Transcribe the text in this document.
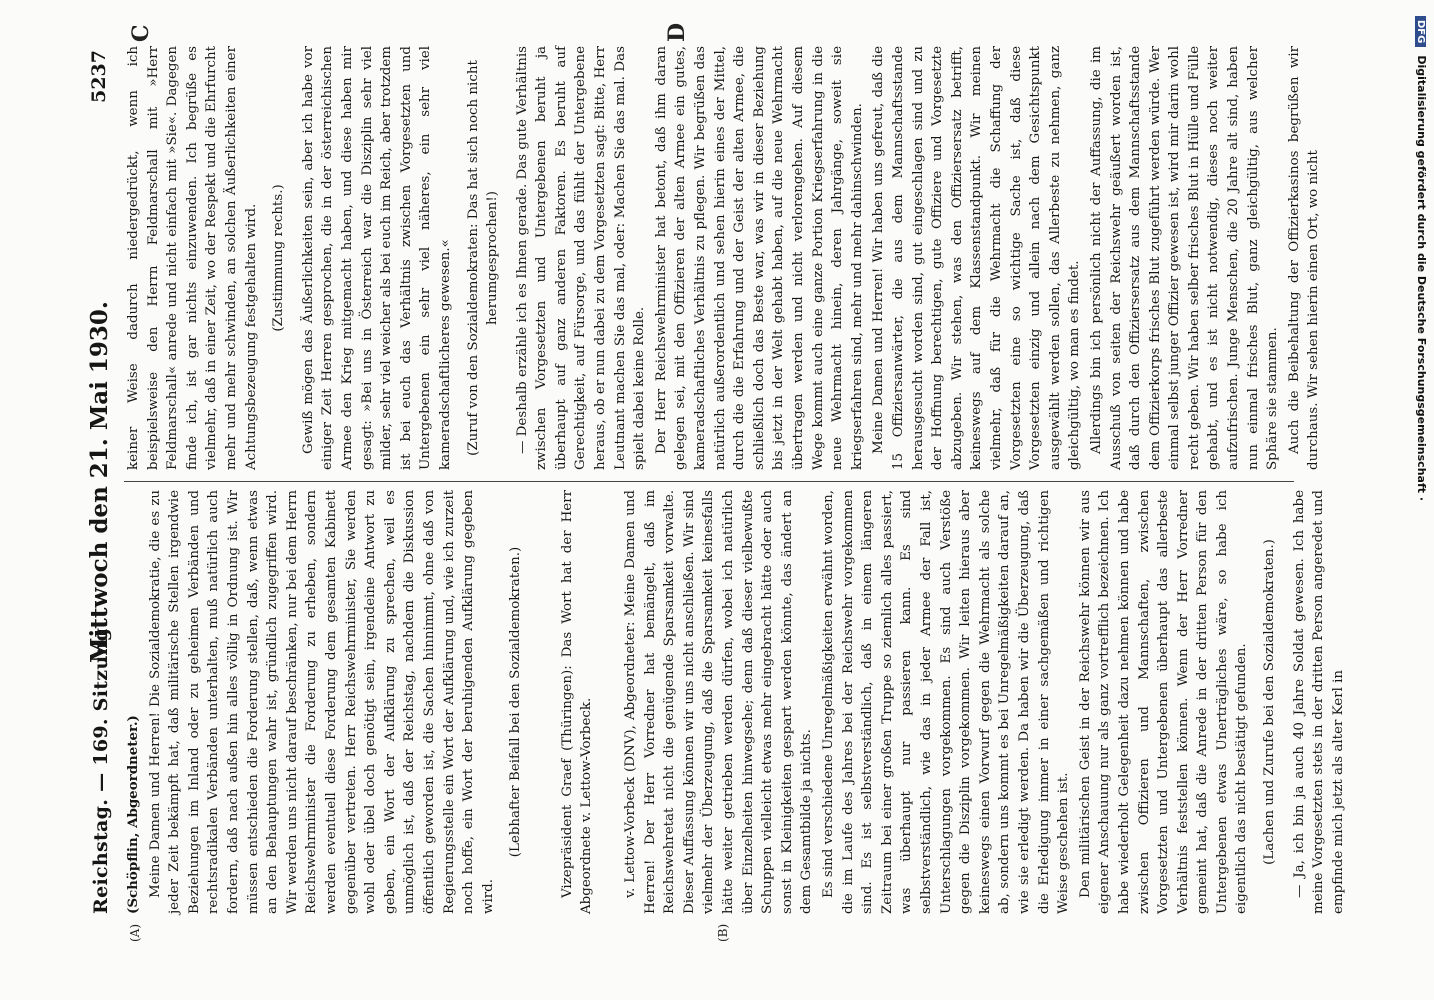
Reichstag. — 169. Sitzung.
Mittwoch den 21. Mai 1930.
5237
(A)	(B)
C	D

(Schöpflin, Abgeordneter.) Meine Damen und Herren! Die Sozialdemokratie, die es zu jeder Zeit bekämpft hat, daß militärische Stellen irgendwie Beziehungen im Inland oder zu geheimen Verbänden und rechtsradikalen Verbänden unterhalten, muß natürlich auch fordern, daß nach außen hin alles völlig in Ordnung ist. Wir müssen entschieden die Forderung stellen, daß, wenn etwas an den Behauptungen wahr ist, gründlich zugegriffen wird. Wir werden uns nicht darauf beschränken, nur bei dem Herrn Reichswehrminister die Forderung zu erheben, sondern werden eventuell diese Forderung dem gesamten Kabinett gegenüber vertreten. Herr Reichswehrminister, Sie werden wohl oder übel doch genötigt sein, irgendeine Antwort zu geben, ein Wort der Aufklärung zu sprechen, weil es unmöglich ist, daß der Reichstag, nachdem die Diskussion öffentlich geworden ist, die Sachen hinnimmt, ohne daß von Regierungsstelle ein Wort der Aufklärung und, wie ich zurzeit noch hoffe, ein Wort der beruhigenden Aufklärung gegeben wird.

(Lebhafter Beifall bei den Sozialdemokraten.)	Vizepräsident Graef (Thüringen): Das Wort hat der Herr Abgeordnete v. Lettow-Vorbeck. v. Lettow-Vorbeck (DNV), Abgeordneter: Meine Damen und Herren! Der Herr Vorredner hat bemängelt, daß im Reichswehretat nicht die genügende Sparsamkeit vorwalte. Dieser Auffassung können wir uns nicht anschließen. Wir sind vielmehr der Überzeugung, daß die Sparsamkeit keinesfalls hätte weiter getrieben werden dürfen, wobei ich natürlich über Einzelheiten hinwegsehe; denn daß dieser vielbewußte Schuppen vielleicht etwas mehr eingebracht hätte oder auch sonst in Kleinigkeiten gespart werden könnte, das ändert an dem Gesamtbilde ja nichts. Es sind verschiedene Unregelmäßigkeiten erwähnt worden, die im Laufe des Jahres bei der Reichswehr vorgekommen sind. Es ist selbstverständlich, daß in einem längeren Zeitraum bei einer großen Truppe so ziemlich alles passiert, was überhaupt nur passieren kann. Es sind selbstverständlich, wie das in jeder Armee der Fall ist, Unterschlagungen vorgekommen. Es sind auch Verstöße gegen die Disziplin vorgekommen. Wir leiten hieraus aber keineswegs einen Vorwurf gegen die Wehrmacht als solche ab, sondern uns kommt es bei Unregelmäßigkeiten darauf an, wie sie erledigt werden. Da haben wir die Überzeugung, daß die Erledigung immer in einer sachgemäßen und richtigen Weise geschehen ist. Den militärischen Geist in der Reichswehr können wir aus eigener Anschauung nur als ganz vortrefflich bezeichnen. Ich habe wiederholt Gelegenheit dazu nehmen können und habe zwischen Offizieren und Mannschaften, zwischen Vorgesetzten und Untergebenen überhaupt das allerbeste Verhältnis feststellen können. Wenn der Herr Vorredner gemeint hat, daß die Anrede in der dritten Person für den Untergebenen etwas Unerträgliches wäre, so habe ich eigentlich das nicht bestätigt gefunden. (Lachen und Zurufe bei den Sozialdemokraten.) — Ja, ich bin ja auch 40 Jahre Soldat gewesen. Ich habe meine Vorgesetzten stets in der dritten Person angeredet und empfinde mich jetzt als alter Kerl in

keiner Weise dadurch niedergedrückt, wenn ich beispielsweise den Herrn Feldmarschall mit »Herr Feldmarschall« anrede und nicht einfach mit »Sie«. Dagegen finde ich, ist gar nichts einzuwenden. Ich begrüße es vielmehr, daß in einer Zeit, wo der Respekt und die Ehrfurcht mehr und mehr schwinden, an solchen Äußerlichkeiten einer Achtungsbezeugung festgehalten wird. (Zustimmung rechts.) Gewiß mögen das Äußerlichkeiten sein, aber ich habe vor einiger Zeit Herren gesprochen, die in der österreichischen Armee den Krieg mitgemacht haben, und diese haben mir gesagt: »Bei uns in Österreich war die Disziplin sehr viel milder, sehr viel weicher als bei euch im Reich, aber trotzdem ist bei euch das Verhältnis zwischen Vorgesetzten und Untergebenen ein sehr viel näheres, ein sehr viel kameradschaftlicheres gewesen.« (Zuruf von den Sozialdemokraten: Das hat sich noch nicht herumgesprochen!) — Deshalb erzähle ich es Ihnen gerade. Das gute Verhältnis zwischen Vorgesetzten und Untergebenen beruht ja überhaupt auf ganz anderen Faktoren. Es beruht auf Gerechtigkeit, auf Fürsorge, und das fühlt der Untergebene heraus, ob er nun dabei zu dem Vorgesetzten sagt: Bitte, Herr Leutnant machen Sie das mal, oder: Machen Sie das mal. Das spielt dabei keine Rolle. Der Herr Reichswehrminister hat betont, daß ihm daran gelegen sei, mit den Offizieren der alten Armee ein gutes, kameradschaftliches Verhältnis zu pflegen. Wir begrüßen das natürlich außerordentlich und sehen hierin eines der Mittel, durch die die Erfahrung und der Geist der alten Armee, die schließlich doch das Beste war, was wir in dieser Beziehung bis jetzt in der Welt gehabt haben, auf die neue Wehrmacht übertragen werden und nicht verlorengehen. Auf diesem Wege kommt auch eine ganze Portion Kriegserfahrung in die neue Wehrmacht hinein, deren Jahrgänge, soweit sie kriegserfahren sind, mehr und mehr dahinschwinden. Meine Damen und Herren! Wir haben uns gefreut, daß die 15 Offiziersanwärter, die aus dem Mannschaftsstande herausgesucht worden sind, gut eingeschlagen sind und zu der Hoffnung berechtigen, gute Offiziere und Vorgesetzte abzugeben. Wir stehen, was den Offiziersersatz betrifft, keineswegs auf dem Klassenstandpunkt. Wir meinen vielmehr, daß für die Wehrmacht die Schaffung der Vorgesetzten eine so wichtige Sache ist, daß diese Vorgesetzten einzig und allein nach dem Gesichtspunkt ausgewählt werden sollen, das Allerbeste zu nehmen, ganz gleichgültig, wo man es findet. Allerdings bin ich persönlich nicht der Auffassung, die im Ausschuß von seiten der Reichswehr geäußert worden ist, daß durch den Offiziersersatz aus dem Mannschaftsstande dem Offizierkorps frisches Blut zugeführt werden würde. Wer einmal selbst junger Offizier gewesen ist, wird mir darin wohl recht geben. Wir haben selber frisches Blut in Hülle und Fülle gehabt, und es ist nicht notwendig, dieses noch weiter aufzufrischen. Junge Menschen, die 20 Jahre alt sind, haben nun einmal frisches Blut, ganz gleichgültig, aus welcher Sphäre sie stammen. Auch die Beibehaltung der Offizierkasinos begrüßen wir durchaus. Wir sehen hierin einen Ort, wo nicht

DFGDigitalisierung gefördert durch die Deutsche Forschungsgemeinschaft ·
